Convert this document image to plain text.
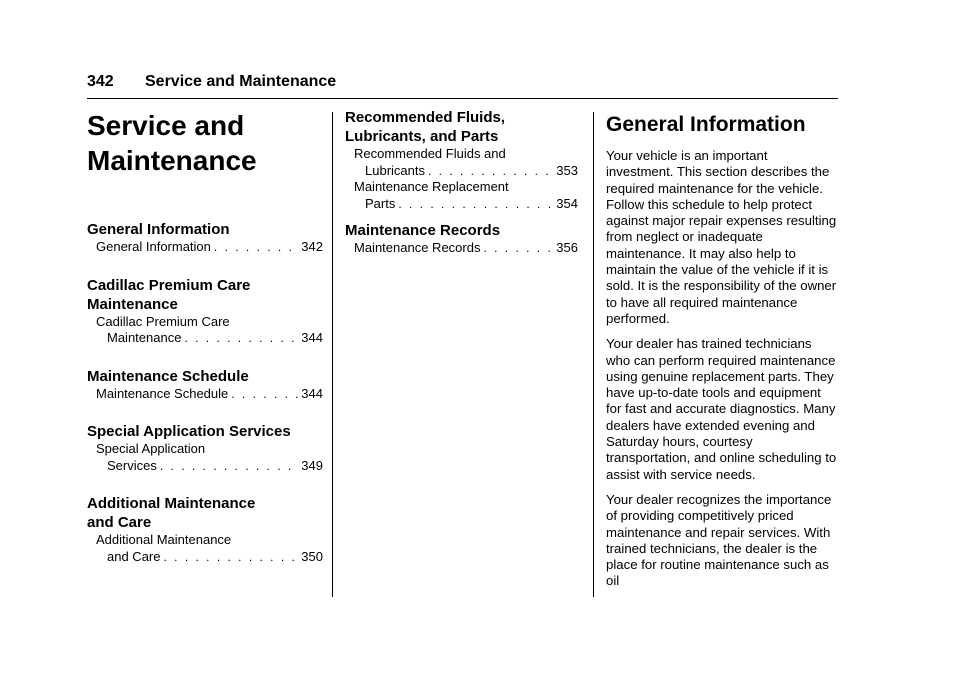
342 Service and Maintenance
Service and
Maintenance
General Information
General Information . . .	342
Cadillac Premium Care
Maintenance
Cadillac Premium Care
Maintenance . . .	344
Maintenance Schedule
Maintenance Schedule . . .	344
Special Application Services
Special Application
Services . . .	349
Additional Maintenance
and Care
Additional Maintenance
and Care . . .	350
Recommended Fluids,
Lubricants, and Parts
Recommended Fluids and
Lubricants . . .	353
Maintenance Replacement
Parts . . .	354
Maintenance Records
Maintenance Records . . .	356
General Information

Your vehicle is an important investment. This section describes the required maintenance for the vehicle. Follow this schedule to help protect against major repair expenses resulting from neglect or inadequate maintenance. It may also help to maintain the value of the vehicle if it is sold. It is the responsibility of the owner to have all required maintenance performed.

Your dealer has trained technicians who can perform required maintenance using genuine replacement parts. They have up-to-date tools and equipment for fast and accurate diagnostics. Many dealers have extended evening and Saturday hours, courtesy transportation, and online scheduling to assist with service needs.

Your dealer recognizes the importance of providing competitively priced maintenance and repair services. With trained technicians, the dealer is the place for routine maintenance such as oil
